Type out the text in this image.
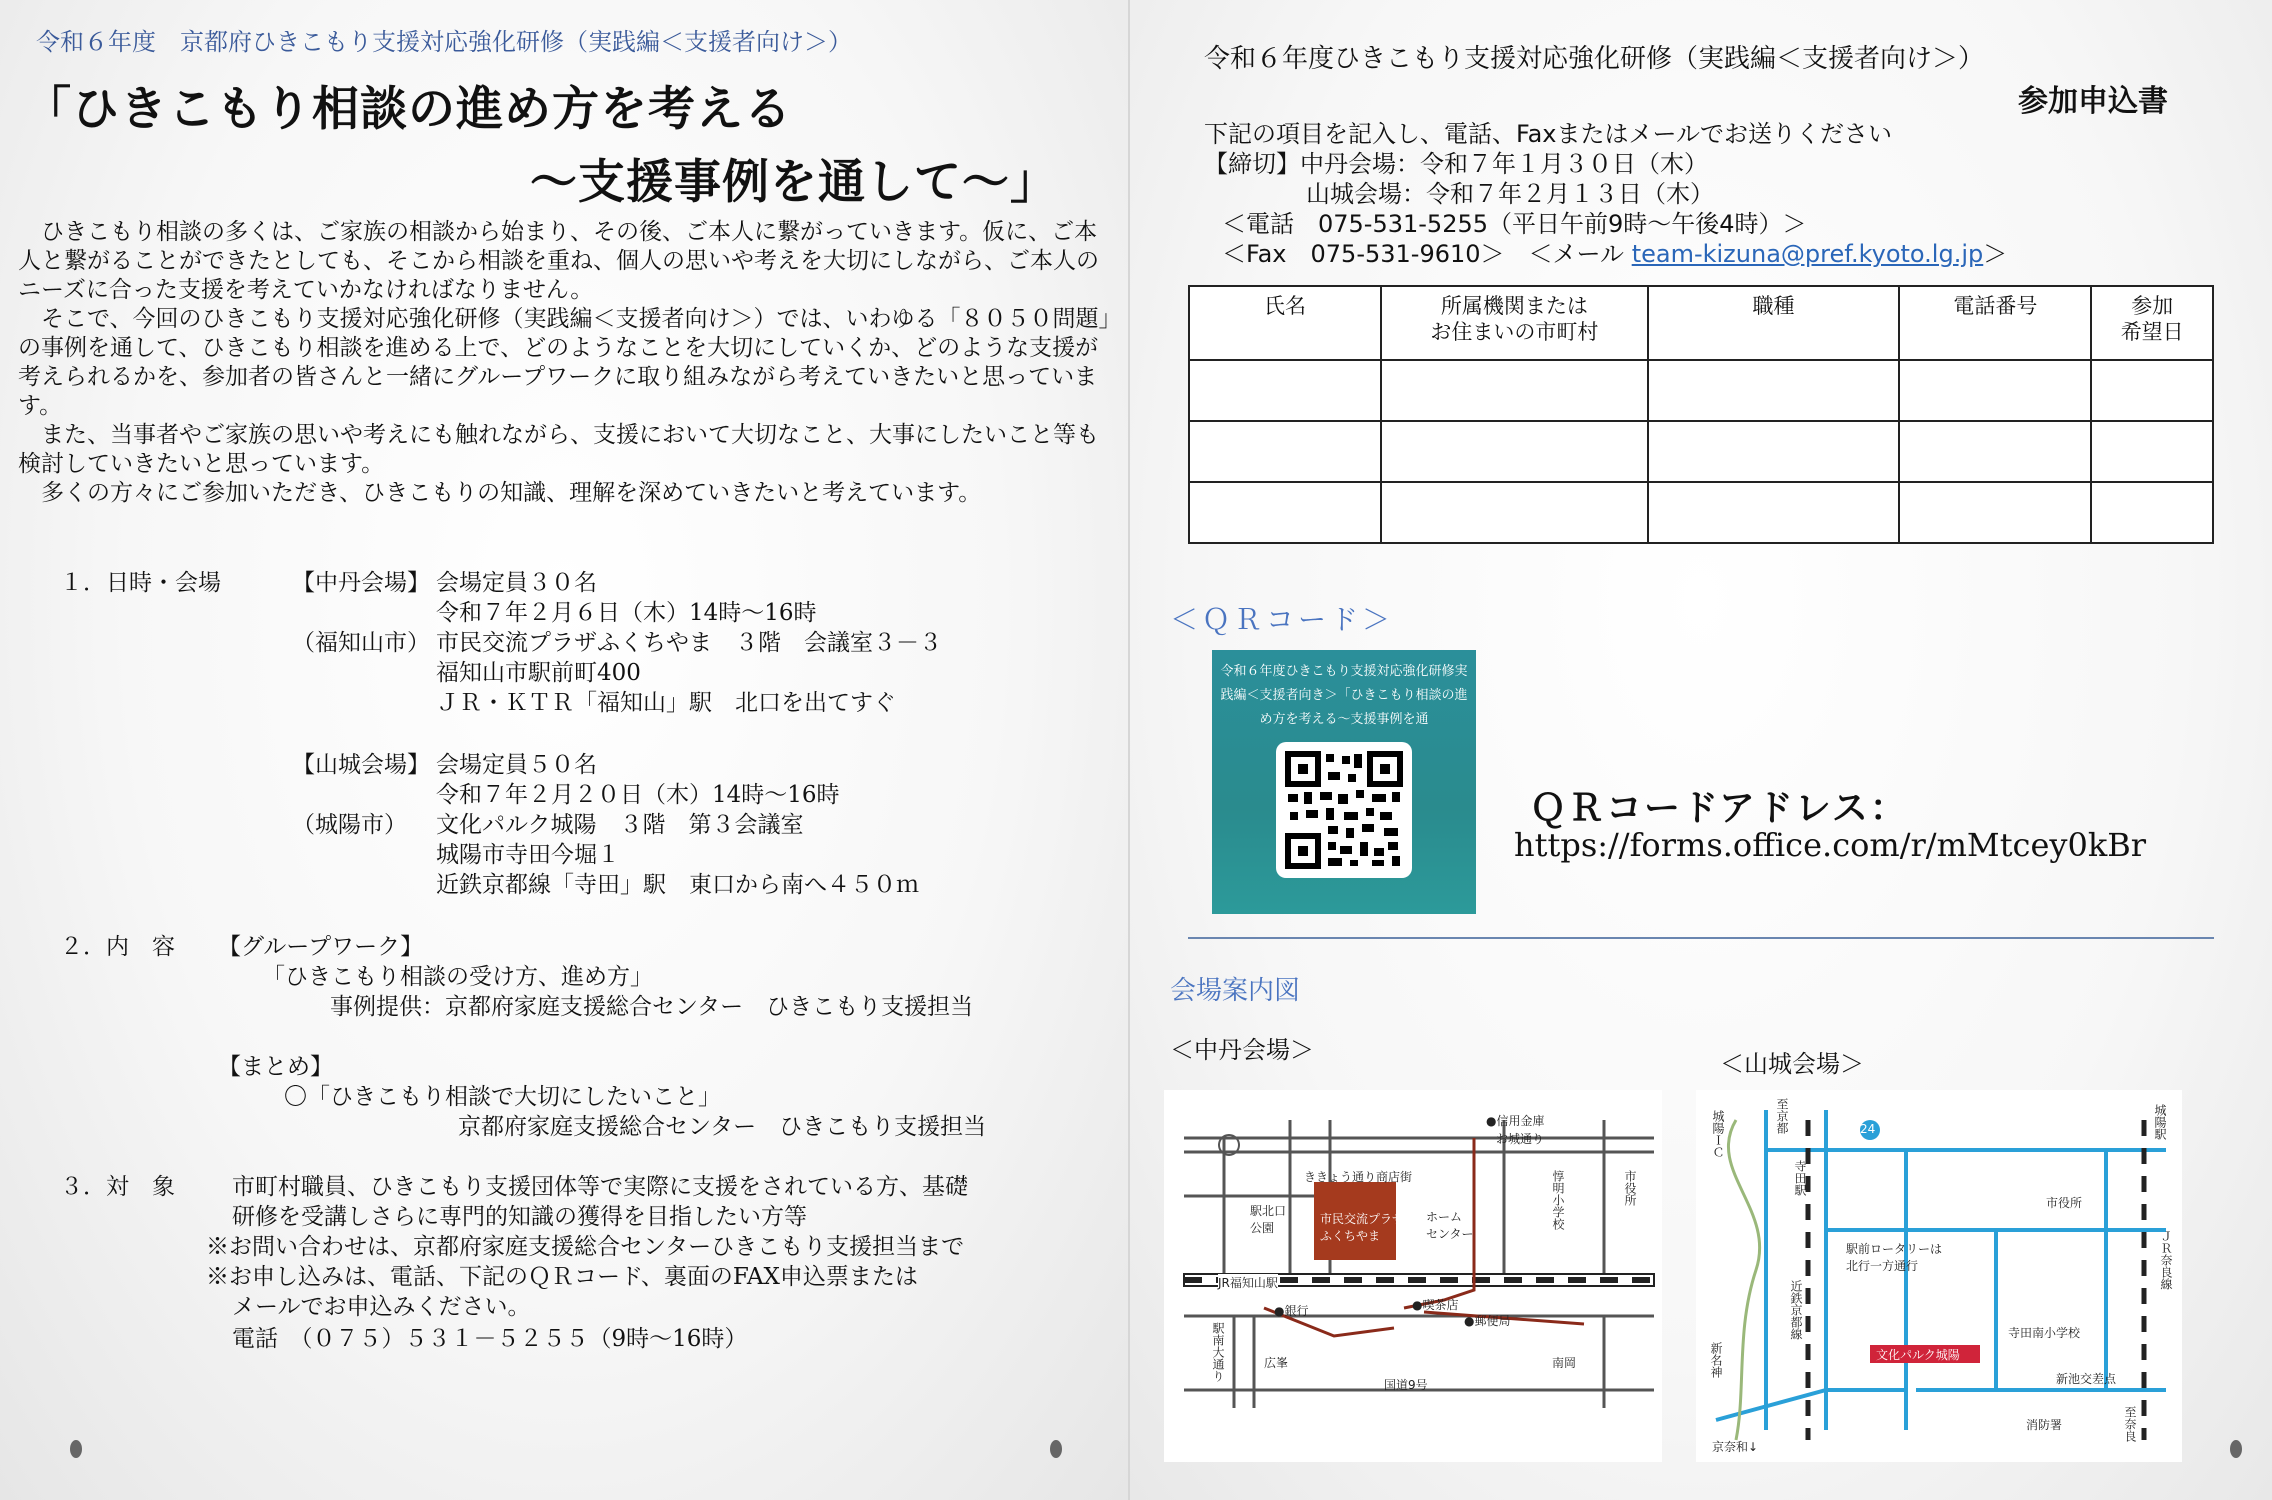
令和６年度　京都府ひきこもり支援対応強化研修（実践編＜支援者向け＞）
「ひきこもり相談の進め方を考える
～支援事例を通して～」

　ひきこもり相談の多くは、ご家族の相談から始まり、その後、ご本人に繋がっていきます。仮に、ご本人と繋がることができたとしても、そこから相談を重ね、個人の思いや考えを大切にしながら、ご本人のニーズに合った支援を考えていかなければなりません。

　そこで、今回のひきこもり支援対応強化研修（実践編＜支援者向け＞）では、いわゆる「８０５０問題」の事例を通して、ひきこもり相談を進める上で、どのようなことを大切にしていくか、どのような支援が考えられるかを、参加者の皆さんと一緒にグループワークに取り組みながら考えていきたいと思っています。

　また、当事者やご家族の思いや考えにも触れながら、支援において大切なこと、大事にしたいこと等も検討していきたいと思っています。

　多くの方々にご参加いただき、ひきこもりの知識、理解を深めていきたいと考えています。

１．日時・会場	【中丹会場】 会場定員３０名
令和７年２月６日（木）14時～16時
（福知山市） 市民交流プラザふくちやま　３階　会議室３－３
福知山市駅前町400
ＪＲ・ＫＴＲ「福知山」駅　北口を出てすぐ
【山城会場】 会場定員５０名
令和７年２月２０日（木）14時～16時
（城陽市） 文化パルク城陽　３階　第３会議室
城陽市寺田今堀１
近鉄京都線「寺田」駅　東口から南へ４５０ｍ
２．内　容 【グループワーク】
「ひきこもり相談の受け方、進め方」
事例提供：京都府家庭支援総合センター　ひきこもり支援担当
【まとめ】
〇「ひきこもり相談で大切にしたいこと」
京都府家庭支援総合センター　ひきこもり支援担当
３．対　象 市町村職員、ひきこもり支援団体等で実際に支援をされている方、基礎
研修を受講しさらに専門的知識の獲得を目指したい方等
※お問い合わせは、京都府家庭支援総合センターひきこもり支援担当まで
※お申し込みは、電話、下記のＱＲコード、裏面のFAX申込票または
メールでお申込みください。
電話　（０７５）５３１－５２５５（9時～16時）
令和６年度ひきこもり支援対応強化研修（実践編＜支援者向け＞）
参加申込書
下記の項目を記入し、電話、Faxまたはメールでお送りください
【締切】中丹会場：令和７年１月３０日（木）
山城会場：令和７年２月１３日（木）
＜電話　075-531-5255（平日午前9時～午後4時）＞
＜Fax　075-531-9610＞　＜メール team-kizuna@pref.kyoto.lg.jp＞
氏名	所属機関または
お住まいの市町村	職種	電話番号	参加
希望日

＜ＱＲコード＞
令和６年度ひきこもり支援対応強化研修実践編＜支援者向き＞「ひきこもり相談の進め方を考える～支援事例を通
ＱＲコードアドレス：
https://forms.office.com/r/mMtcey0kBr
会場案内図
＜中丹会場＞	＜山城会場＞
●信用金庫
お城通り
ききょう通り商店街
駅北口
公園
市民交流プラザ
ふくちやま
ホーム
センター
JR福知山駅
●銀行	●喫茶店
●郵便局
広峯	南岡
国道9号
駅南大通り
市役所
惇明小学校
城陽ＩＣ	至京都
寺田駅
市役所
城陽駅
ＪＲ奈良線
駅前ロータリーは
北行一方通行
近鉄京都線
文化パルク城陽
寺田南小学校
新池交差点
消防署	至奈良
新名神
京奈和↓
24
